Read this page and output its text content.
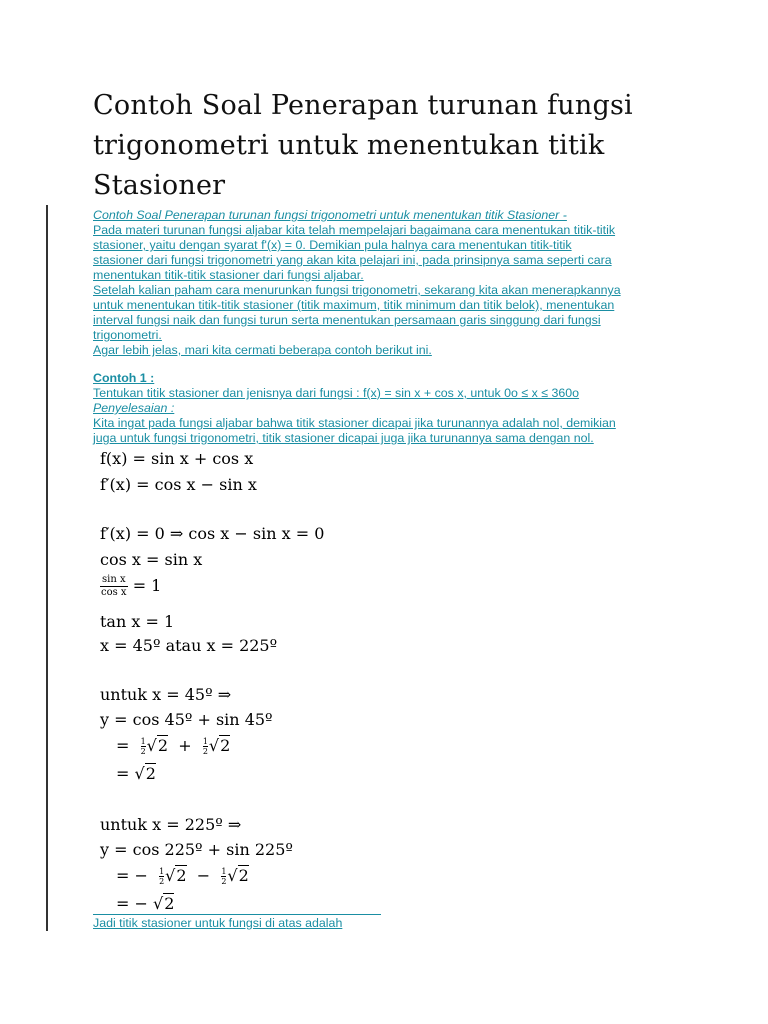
Contoh Soal Penerapan turunan fungsi trigonometri untuk menentukan titik Stasioner
Contoh Soal Penerapan turunan fungsi trigonometri untuk menentukan titik Stasioner -
Pada materi turunan fungsi aljabar kita telah mempelajari bagaimana cara menentukan titik-titik
stasioner, yaitu dengan syarat f'(x) = 0. Demikian pula halnya cara menentukan titik-titik
stasioner dari fungsi trigonometri yang akan kita pelajari ini, pada prinsipnya sama seperti cara
menentukan titik-titik stasioner dari fungsi aljabar.
Setelah kalian paham cara menurunkan fungsi trigonometri, sekarang kita akan menerapkannya
untuk menentukan titik-titik stasioner (titik maximum, titik minimum dan titik belok), menentukan
interval fungsi naik dan fungsi turun serta menentukan persamaan garis singgung dari fungsi
trigonometri.
Agar lebih jelas, mari kita cermati beberapa contoh berikut ini.
Contoh 1 :
Tentukan titik stasioner dan jenisnya dari fungsi : f(x) = sin x + cos x, untuk 0o ≤ x ≤ 360o
Penyelesaian :
Kita ingat pada fungsi aljabar bahwa titik stasioner dicapai jika turunannya adalah nol, demikian
juga untuk fungsi trigonometri, titik stasioner dicapai juga jika turunannya sama dengan nol.
f(x) = sin x + cos x
f′(x) = cos x − sin x
f′(x) = 0 ⇒ cos x − sin x = 0
cos x = sin x
$\frac{\text{sin x}}{\text{cos x}} = 1$
tan x = 1
x = 45º atau x = 225º
untuk x = 45º ⇒
y = cos 45º + sin 45º
= $\frac{1}{2} √2 + \frac{1}{2} √2$
= √2
untuk x = 225º ⇒
y = cos 225º + sin 225º
= − $\frac{1}{2} √2 - \frac{1}{2} √2$
= − √2
Jadi titik stasioner untuk fungsi di atas adalah
